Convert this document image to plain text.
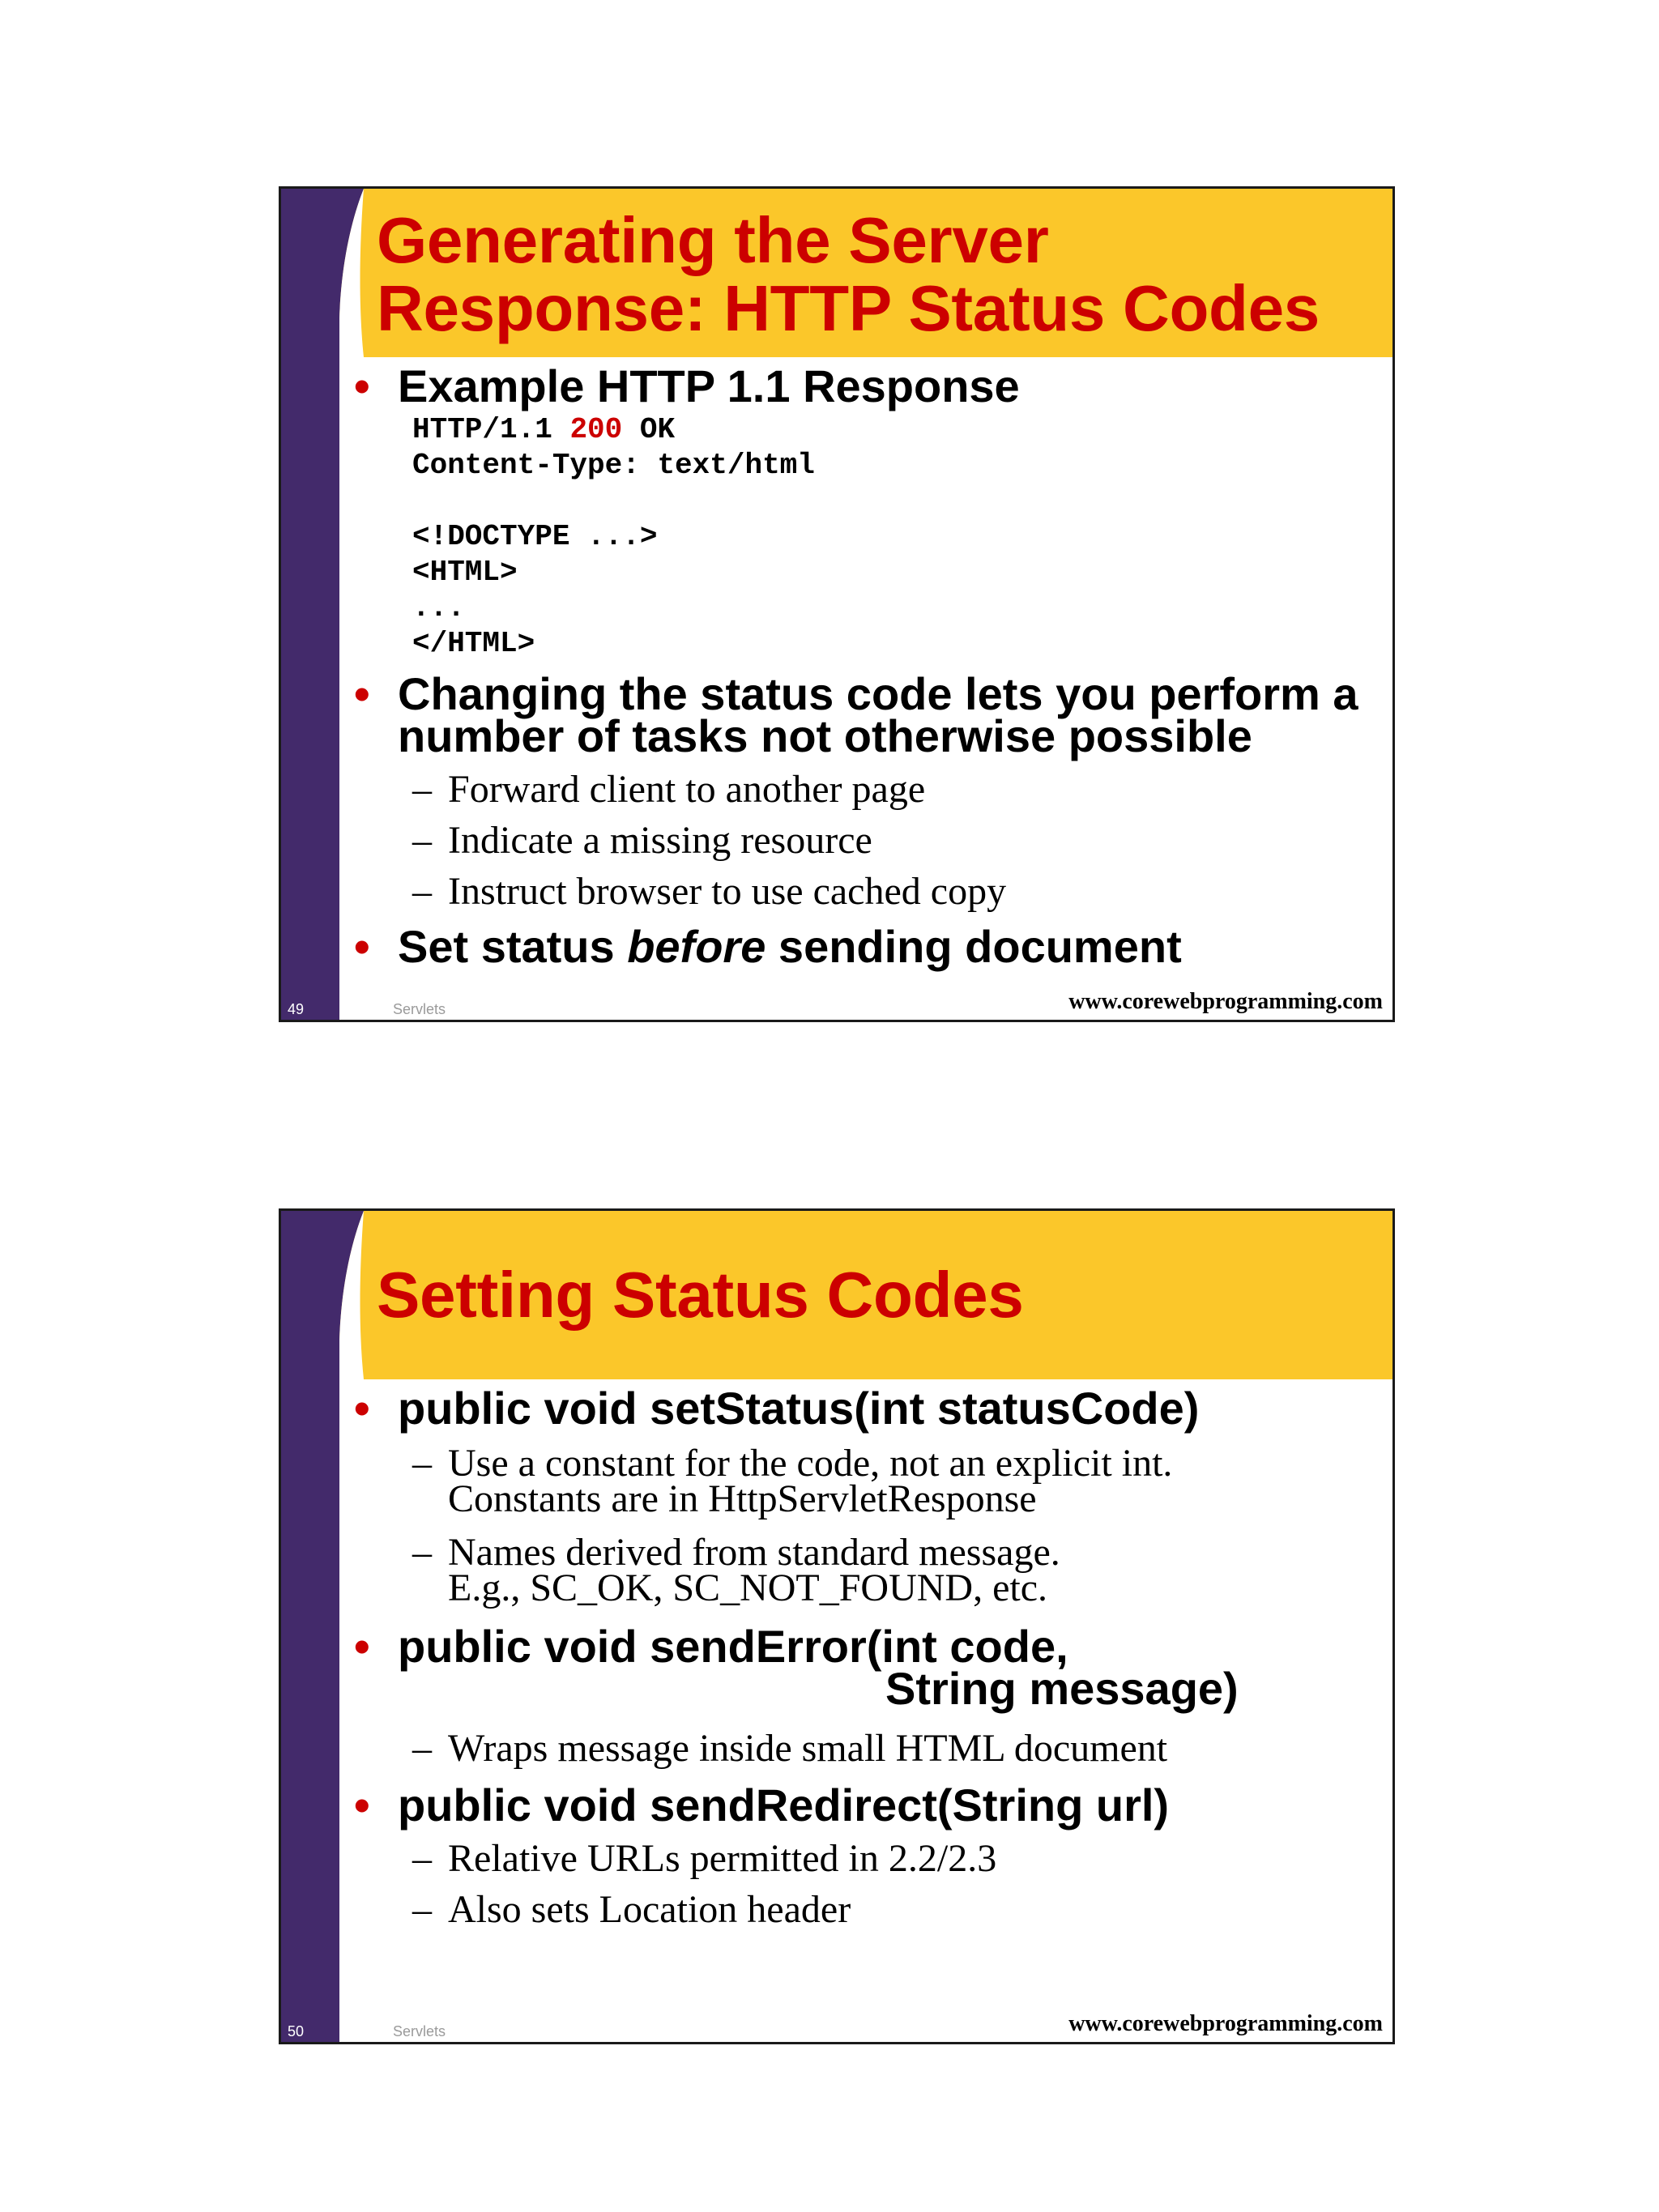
Generating the Server
Response: HTTP Status Codes

• Example HTTP 1.1 Response

HTTP/1.1 200 OK
Content-Type: text/html

<!DOCTYPE ...>
<HTML>
...
</HTML>

• Changing the status code lets you perform a
number of tasks not otherwise possible

– Forward client to another page

– Indicate a missing resource

– Instruct browser to use cached copy

• Set status before sending document

49	Servlets	www.corewebprogramming.com

Setting Status Codes

• public void setStatus(int statusCode)

– Use a constant for the code, not an explicit int.
Constants are in HttpServletResponse

– Names derived from standard message.
E.g., SC_OK, SC_NOT_FOUND, etc.

• public void sendError(int code,
String message)

– Wraps message inside small HTML document

• public void sendRedirect(String url)

– Relative URLs permitted in 2.2/2.3

– Also sets Location header

50	Servlets	www.corewebprogramming.com
